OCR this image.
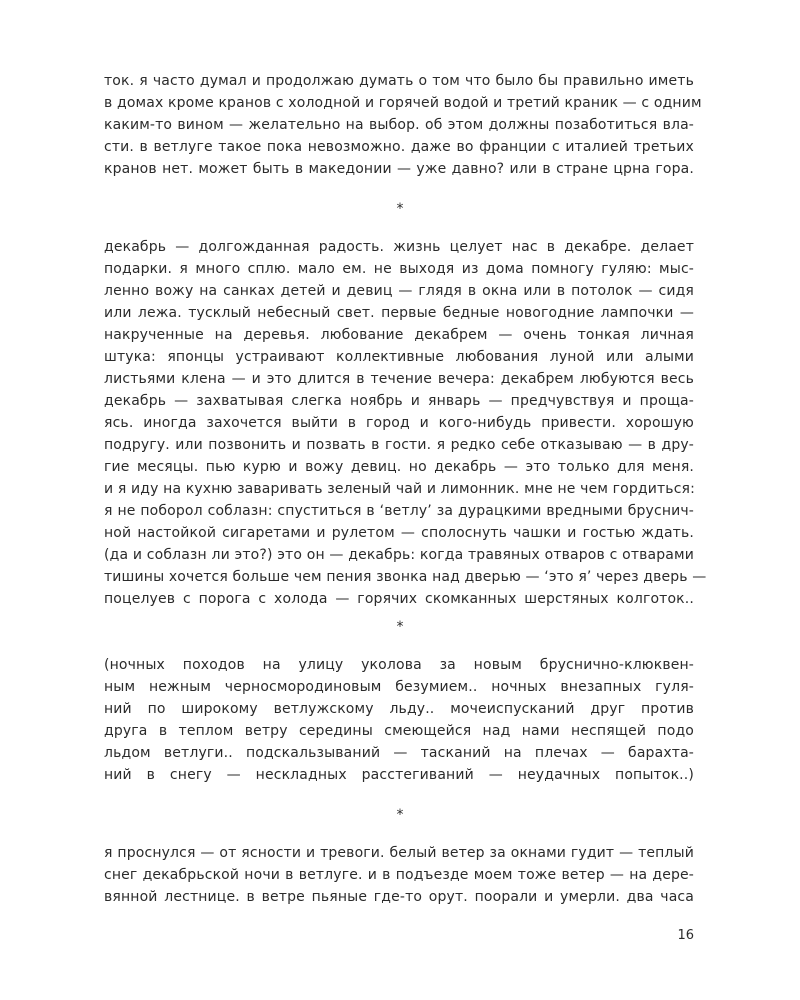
ток. я часто думал и продолжаю думать о том что было бы правильно иметь
в домах кроме кранов с холодной и горячей водой и третий краник — с одним
каким-то вином — желательно на выбор. об этом должны позаботиться вла-
сти. в ветлуге такое пока невозможно. даже во франции с италией третьих
кранов нет. может быть в македонии — уже давно? или в стране црна гора.
*
декабрь — долгожданная радость. жизнь целует нас в декабре. делает
подарки. я много сплю. мало ем. не выходя из дома помногу гуляю: мыс-
ленно вожу на санках детей и девиц — глядя в окна или в потолок — сидя
или лежа. тусклый небесный свет. первые бедные новогодние лампочки —
накрученные на деревья. любование декабрем — очень тонкая личная
штука: японцы устраивают коллективные любования луной или алыми
листьями клена — и это длится в течение вечера: декабрем любуются весь
декабрь — захватывая слегка ноябрь и январь — предчувствуя и проща-
ясь. иногда захочется выйти в город и кого-нибудь привести. хорошую
подругу. или позвонить и позвать в гости. я редко себе отказываю — в дру-
гие месяцы. пью курю и вожу девиц. но декабрь — это только для меня.
и я иду на кухню заваривать зеленый чай и лимонник. мне не чем гордиться:
я не поборол соблазн: спуститься в ‘ветлу’ за дурацкими вредными бруснич-
ной настойкой сигаретами и рулетом — сполоснуть чашки и гостью ждать.
(да и соблазн ли это?) это он — декабрь: когда травяных отваров с отварами
тишины хочется больше чем пения звонка над дверью — ‘это я’ через дверь —
поцелуев с порога с холода — горячих скомканных шерстяных колготок..
*
(ночных походов на улицу уколова за новым бруснично-клюквен-
ным нежным черносмородиновым безумием.. ночных внезапных гуля-
ний по широкому ветлужскому льду.. мочеиспусканий друг против
друга в теплом ветру середины смеющейся над нами неспящей подо
льдом ветлуги.. подскальзываний — тасканий на плечах — барахта-
ний в снегу — нескладных расстегиваний — неудачных попыток..)
*
я проснулся — от ясности и тревоги. белый ветер за окнами гудит — теплый
снег декабрьской ночи в ветлуге. и в подъезде моем тоже ветер — на дере-
вянной лестнице. в ветре пьяные где-то орут. поорали и умерли. два часа
16
